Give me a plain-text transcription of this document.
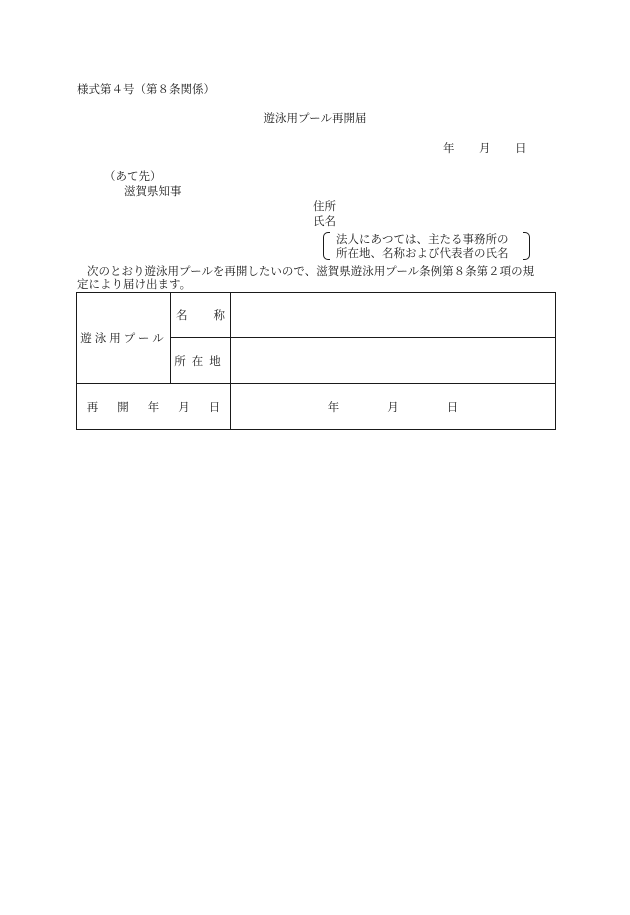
様式第４号（第８条関係）
遊泳用プール再開届
年 月 日
（あて先）
滋賀県知事
住所
氏名
法人にあつては、主たる事務所の
所在地、名称および代表者の氏名
次のとおり遊泳用プールを再開したいので、滋賀県遊泳用プール条例第８条第２項の規
定により届け出ます。
遊泳用プール	名 称	
	所在地	
再 開 年 月 日		年 月 日
